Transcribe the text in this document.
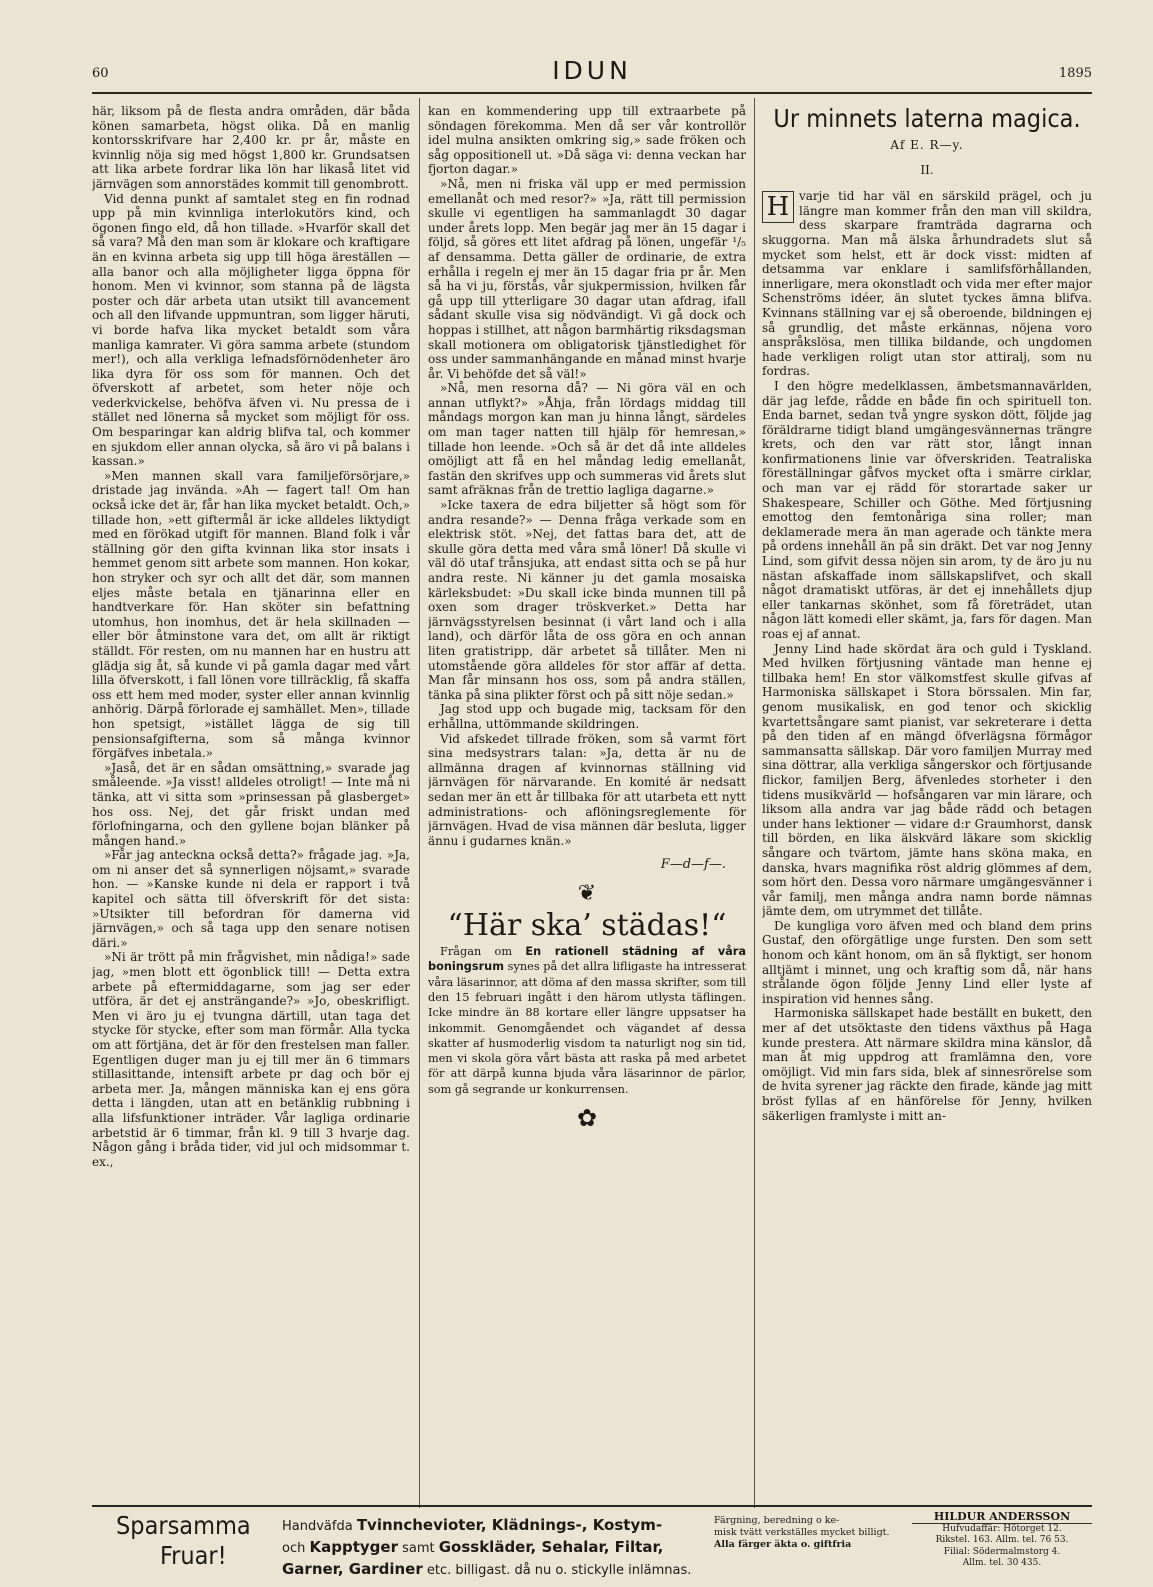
60	IDUN	1895

här, liksom på de flesta andra områden, där båda könen samarbeta, högst olika. Då en manlig kontorsskrifvare har 2,400 kr. pr år, måste en kvinnlig nöja sig med högst 1,800 kr. Grundsatsen att lika arbete fordrar lika lön har likaså litet vid järnvägen som annorstädes kommit till genombrott.

Vid denna punkt af samtalet steg en fin rodnad upp på min kvinnliga interlokutörs kind, och ögonen fingo eld, då hon tillade. »Hvarför skall det så vara? Må den man som är klokare och kraftigare än en kvinna arbeta sig upp till höga äreställen — alla banor och alla möjligheter ligga öppna för honom. Men vi kvinnor, som stanna på de lägsta poster och där arbeta utan utsikt till avancement och all den lifvande uppmuntran, som ligger häruti, vi borde hafva lika mycket betaldt som våra manliga kamrater. Vi göra samma arbete (stundom mer!), och alla verkliga lefnadsförnödenheter äro lika dyra för oss som för mannen. Och det öfverskott af arbetet, som heter nöje och vederkvickelse, behöfva äfven vi. Nu pressa de i stället ned lönerna så mycket som möjligt för oss. Om besparingar kan aldrig blifva tal, och kommer en sjukdom eller annan olycka, så äro vi på balans i kassan.»

»Men mannen skall vara familjeförsörjare,» dristade jag invända. »Ah — fagert tal! Om han också icke det är, får han lika mycket betaldt. Och,» tillade hon, »ett giftermål är icke alldeles liktydigt med en förökad utgift för mannen. Bland folk i vår ställning gör den gifta kvinnan lika stor insats i hemmet genom sitt arbete som mannen. Hon kokar, hon stryker och syr och allt det där, som mannen eljes måste betala en tjänarinna eller en handtverkare för. Han sköter sin befattning utomhus, hon inomhus, det är hela skillnaden — eller bör åtminstone vara det, om allt är riktigt ställdt. För resten, om nu mannen har en hustru att glädja sig åt, så kunde vi på gamla dagar med vårt lilla öfverskott, i fall lönen vore tillräcklig, få skaffa oss ett hem med moder, syster eller annan kvinnlig anhörig. Därpå förlorade ej samhället. Men», tillade hon spetsigt, »istället lägga de sig till pensionsafgifterna, som så många kvinnor förgäfves inbetala.»

»Jaså, det är en sådan omsättning,» svarade jag småleende. »Ja visst! alldeles otroligt! — Inte må ni tänka, att vi sitta som »prinsessan på glasberget» hos oss. Nej, det går friskt undan med förlofningarna, och den gyllene bojan blänker på mången hand.»

»Får jag anteckna också detta?» frågade jag. »Ja, om ni anser det så synnerligen nöjsamt,» svarade hon. — »Kanske kunde ni dela er rapport i två kapitel och sätta till öfverskrift för det sista: »Utsikter till befordran för damerna vid järnvägen,» och så taga upp den senare notisen däri.»

»Ni är trött på min frågvishet, min nådiga!» sade jag, »men blott ett ögonblick till! — Detta extra arbete på eftermiddagarne, som jag ser eder utföra, är det ej ansträngande?» »Jo, obeskrifligt. Men vi äro ju ej tvungna därtill, utan taga det stycke för stycke, efter som man förmår. Alla tycka om att förtjäna, det är för den frestelsen man faller. Egentligen duger man ju ej till mer än 6 timmars stillasittande, intensift arbete pr dag och bör ej arbeta mer. Ja, mången människa kan ej ens göra detta i längden, utan att en betänklig rubbning i alla lifsfunktioner inträder. Vår lagliga ordinarie arbetstid är 6 timmar, från kl. 9 till 3 hvarje dag. Någon gång i bråda tider, vid jul och midsommar t. ex.,

kan en kommendering upp till extraarbete på söndagen förekomma. Men då ser vår kontrollör idel mulna ansikten omkring sig,» sade fröken och såg oppositionell ut. »Då säga vi: denna veckan har fjorton dagar.»

»Nå, men ni friska väl upp er med permission emellanåt och med resor?» »Ja, rätt till permission skulle vi egentligen ha sammanlagdt 30 dagar under årets lopp. Men begär jag mer än 15 dagar i följd, så göres ett litet afdrag på lönen, ungefär ¹/₅ af densamma. Detta gäller de ordinarie, de extra erhålla i regeln ej mer än 15 dagar fria pr år. Men så ha vi ju, förstås, vår sjukpermission, hvilken får gå upp till ytterligare 30 dagar utan afdrag, ifall sådant skulle visa sig nödvändigt. Vi gå dock och hoppas i stillhet, att någon barmhärtig riksdagsman skall motionera om obligatorisk tjänstledighet för oss under sammanhängande en månad minst hvarje år. Vi behöfde det så väl!»

»Nå, men resorna då? — Ni göra väl en och annan utflykt?» »Åhja, från lördags middag till måndags morgon kan man ju hinna långt, särdeles om man tager natten till hjälp för hemresan,» tillade hon leende. »Och så är det då inte alldeles omöjligt att få en hel måndag ledig emellanåt, fastän den skrifves upp och summeras vid årets slut samt afräknas från de trettio lagliga dagarne.»

»Icke taxera de edra biljetter så högt som för andra resande?» — Denna fråga verkade som en elektrisk stöt. »Nej, det fattas bara det, att de skulle göra detta med våra små löner! Då skulle vi väl dö utaf trånsjuka, att endast sitta och se på hur andra reste. Ni känner ju det gamla mosaiska kärleksbudet: »Du skall icke binda munnen till på oxen som drager tröskverket.» Detta har järnvägsstyrelsen besinnat (i vårt land och i alla land), och därför låta de oss göra en och annan liten gratistripp, där arbetet så tillåter. Men ni utomstående göra alldeles för stor affär af detta. Man får minsann hos oss, som på andra ställen, tänka på sina plikter först och på sitt nöje sedan.»

Jag stod upp och bugade mig, tacksam för den erhållna, uttömmande skildringen.

Vid afskedet tillrade fröken, som så varmt fört sina medsystrars talan: »Ja, detta är nu de allmänna dragen af kvinnornas ställning vid järnvägen för närvarande. En komité är nedsatt sedan mer än ett år tillbaka för att utarbeta ett nytt administrations- och aflöningsreglemente för järnvägen. Hvad de visa männen där besluta, ligger ännu i gudarnes knän.»

F—d—f—.
❦
“Här ska’ städas!“

Frågan om En rationell städning af våra boningsrum synes på det allra lifligaste ha intresserat våra läsarinnor, att döma af den massa skrifter, som till den 15 februari ingått i den härom utlysta täflingen. Icke mindre än 88 kortare eller längre uppsatser ha inkommit. Genomgåendet och vägandet af dessa skatter af husmoderlig visdom ta naturligt nog sin tid, men vi skola göra vårt bästa att raska på med arbetet för att därpå kunna bjuda våra läsarinnor de pärlor, som gå segrande ur konkurrensen.

✿
Ur minnets laterna magica.
Af E. R—y.
II.

H varje tid har väl en särskild prägel, och ju längre man kommer från den man vill skildra, dess skarpare framträda dagrarna och skuggorna. Man må älska århundradets slut så mycket som helst, ett är dock visst: midten af detsamma var enklare i samlifsförhållanden, innerligare, mera okonstladt och vida mer efter major Schenströms idéer, än slutet tyckes ämna blifva. Kvinnans ställning var ej så oberoende, bildningen ej så grundlig, det måste erkännas, nöjena voro anspråkslösa, men tillika bildande, och ungdomen hade verkligen roligt utan stor attiralj, som nu fordras.

I den högre medelklassen, ämbetsmannavärlden, där jag lefde, rådde en både fin och spirituell ton. Enda barnet, sedan två yngre syskon dött, följde jag föräldrarne tidigt bland umgängesvännernas trängre krets, och den var rätt stor, långt innan konfirmationens linie var öfverskriden. Teatraliska föreställningar gåfvos mycket ofta i smärre cirklar, och man var ej rädd för storartade saker ur Shakespeare, Schiller och Göthe. Med förtjusning emottog den femtonåriga sina roller; man deklamerade mera än man agerade och tänkte mera på ordens innehåll än på sin dräkt. Det var nog Jenny Lind, som gifvit dessa nöjen sin arom, ty de äro ju nu nästan afskaffade inom sällskapslifvet, och skall något dramatiskt utföras, är det ej innehållets djup eller tankarnas skönhet, som få företrädet, utan någon lätt komedi eller skämt, ja, fars för dagen. Man roas ej af annat.

Jenny Lind hade skördat ära och guld i Tyskland. Med hvilken förtjusning väntade man henne ej tillbaka hem! En stor välkomstfest skulle gifvas af Harmoniska sällskapet i Stora börssalen. Min far, genom musikalisk, en god tenor och skicklig kvartettsångare samt pianist, var sekreterare i detta på den tiden af en mängd öfverlägsna förmågor sammansatta sällskap. Där voro familjen Murray med sina döttrar, alla verkliga sångerskor och förtjusande flickor, familjen Berg, äfvenledes storheter i den tidens musikvärld — hofsångaren var min lärare, och liksom alla andra var jag både rädd och betagen under hans lektioner — vidare d:r Graumhorst, dansk till börden, en lika älskvärd läkare som skicklig sångare och tvärtom, jämte hans sköna maka, en danska, hvars magnifika röst aldrig glömmes af dem, som hört den. Dessa voro närmare umgängesvänner i vår familj, men många andra namn borde nämnas jämte dem, om utrymmet det tillåte.

De kungliga voro äfven med och bland dem prins Gustaf, den oförgätlige unge fursten. Den som sett honom och känt honom, om än så flyktigt, ser honom alltjämt i minnet, ung och kraftig som då, när hans strålande ögon följde Jenny Lind eller lyste af inspiration vid hennes sång.

Harmoniska sällskapet hade beställt en bukett, den mer af det utsöktaste den tidens växthus på Haga kunde prestera. Att närmare skildra mina känslor, då man åt mig uppdrog att framlämna den, vore omöjligt. Vid min fars sida, blek af sinnesrörelse som de hvita syrener jag räckte den firade, kände jag mitt bröst fyllas af en hänförelse för Jenny, hvilken säkerligen framlyste i mitt an-

Sparsamma
Fruar!
Handväfda Tvinnchevioter, Klädnings-, Kostym-
och Kapptyger samt Gosskläder, Sehalar, Filtar,
Garner, Gardiner etc. billigast. då nu o. stickylle inlämnas.
Färgning, beredning o ke-
misk tvätt verkställes mycket billigt.
Alla färger äkta o. giftfria
HILDUR ANDERSSON
Hufvudaffär: Hötorget 12.
Rikstel. 163. Allm. tel. 76 53.
Filial: Södermalmstorg 4.
Allm. tel. 30 435.
